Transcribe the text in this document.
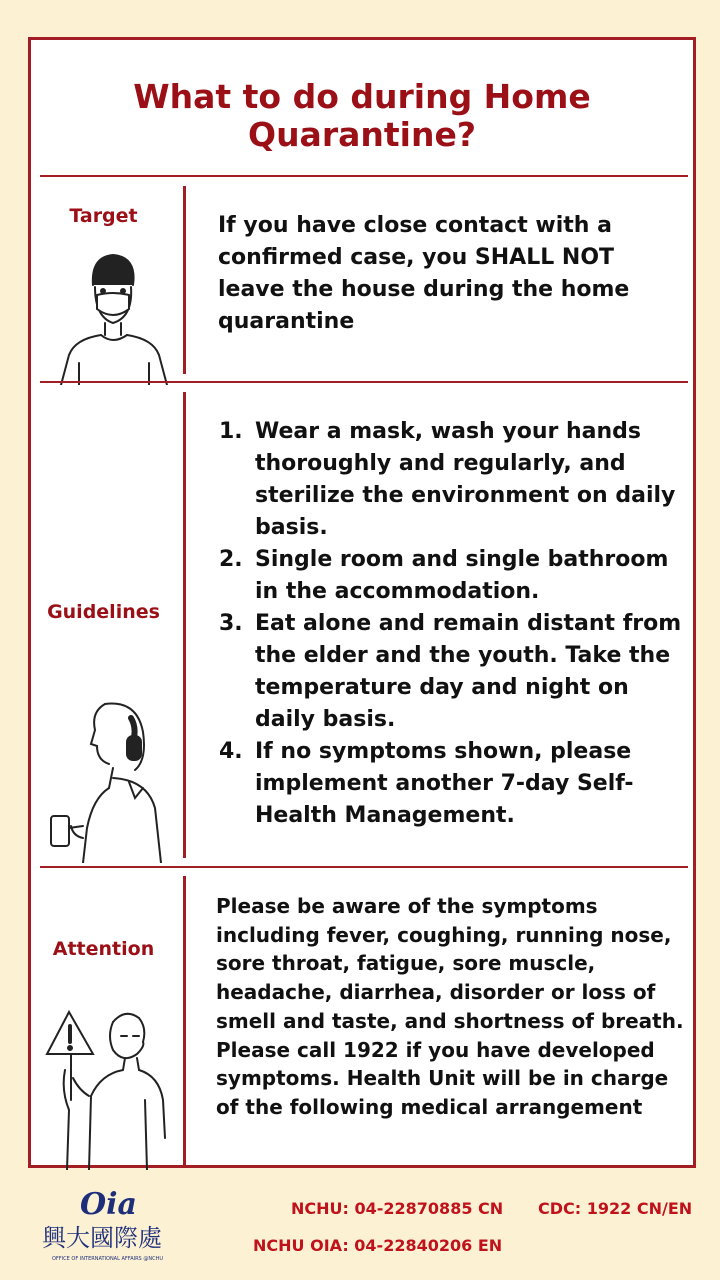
What to do during Home
Quarantine?
Target	If you have close contact with a confirmed case, you SHALL NOT leave the house during the home quarantine
Guidelines
1. Wear a mask, wash your hands thoroughly and regularly, and sterilize the environment on daily basis.
2. Single room and single bathroom in the accommodation.
3. Eat alone and remain distant from the elder and the youth. Take the temperature day and night on daily basis.
4. If no symptoms shown, please implement another 7-day Self-Health Management.
Attention
Please be aware of the symptoms including fever, coughing, running nose, sore throat, fatigue, sore muscle, headache, diarrhea, disorder or loss of smell and taste, and shortness of breath. Please call 1922 if you have developed symptoms. Health Unit will be in charge of the following medical arrangement
Oia
興大國際處
OFFICE OF INTERNATIONAL AFFAIRS @NCHU
NCHU: 04-22870885 CN CDC: 1922 CN/EN
NCHU OIA: 04-22840206 EN
